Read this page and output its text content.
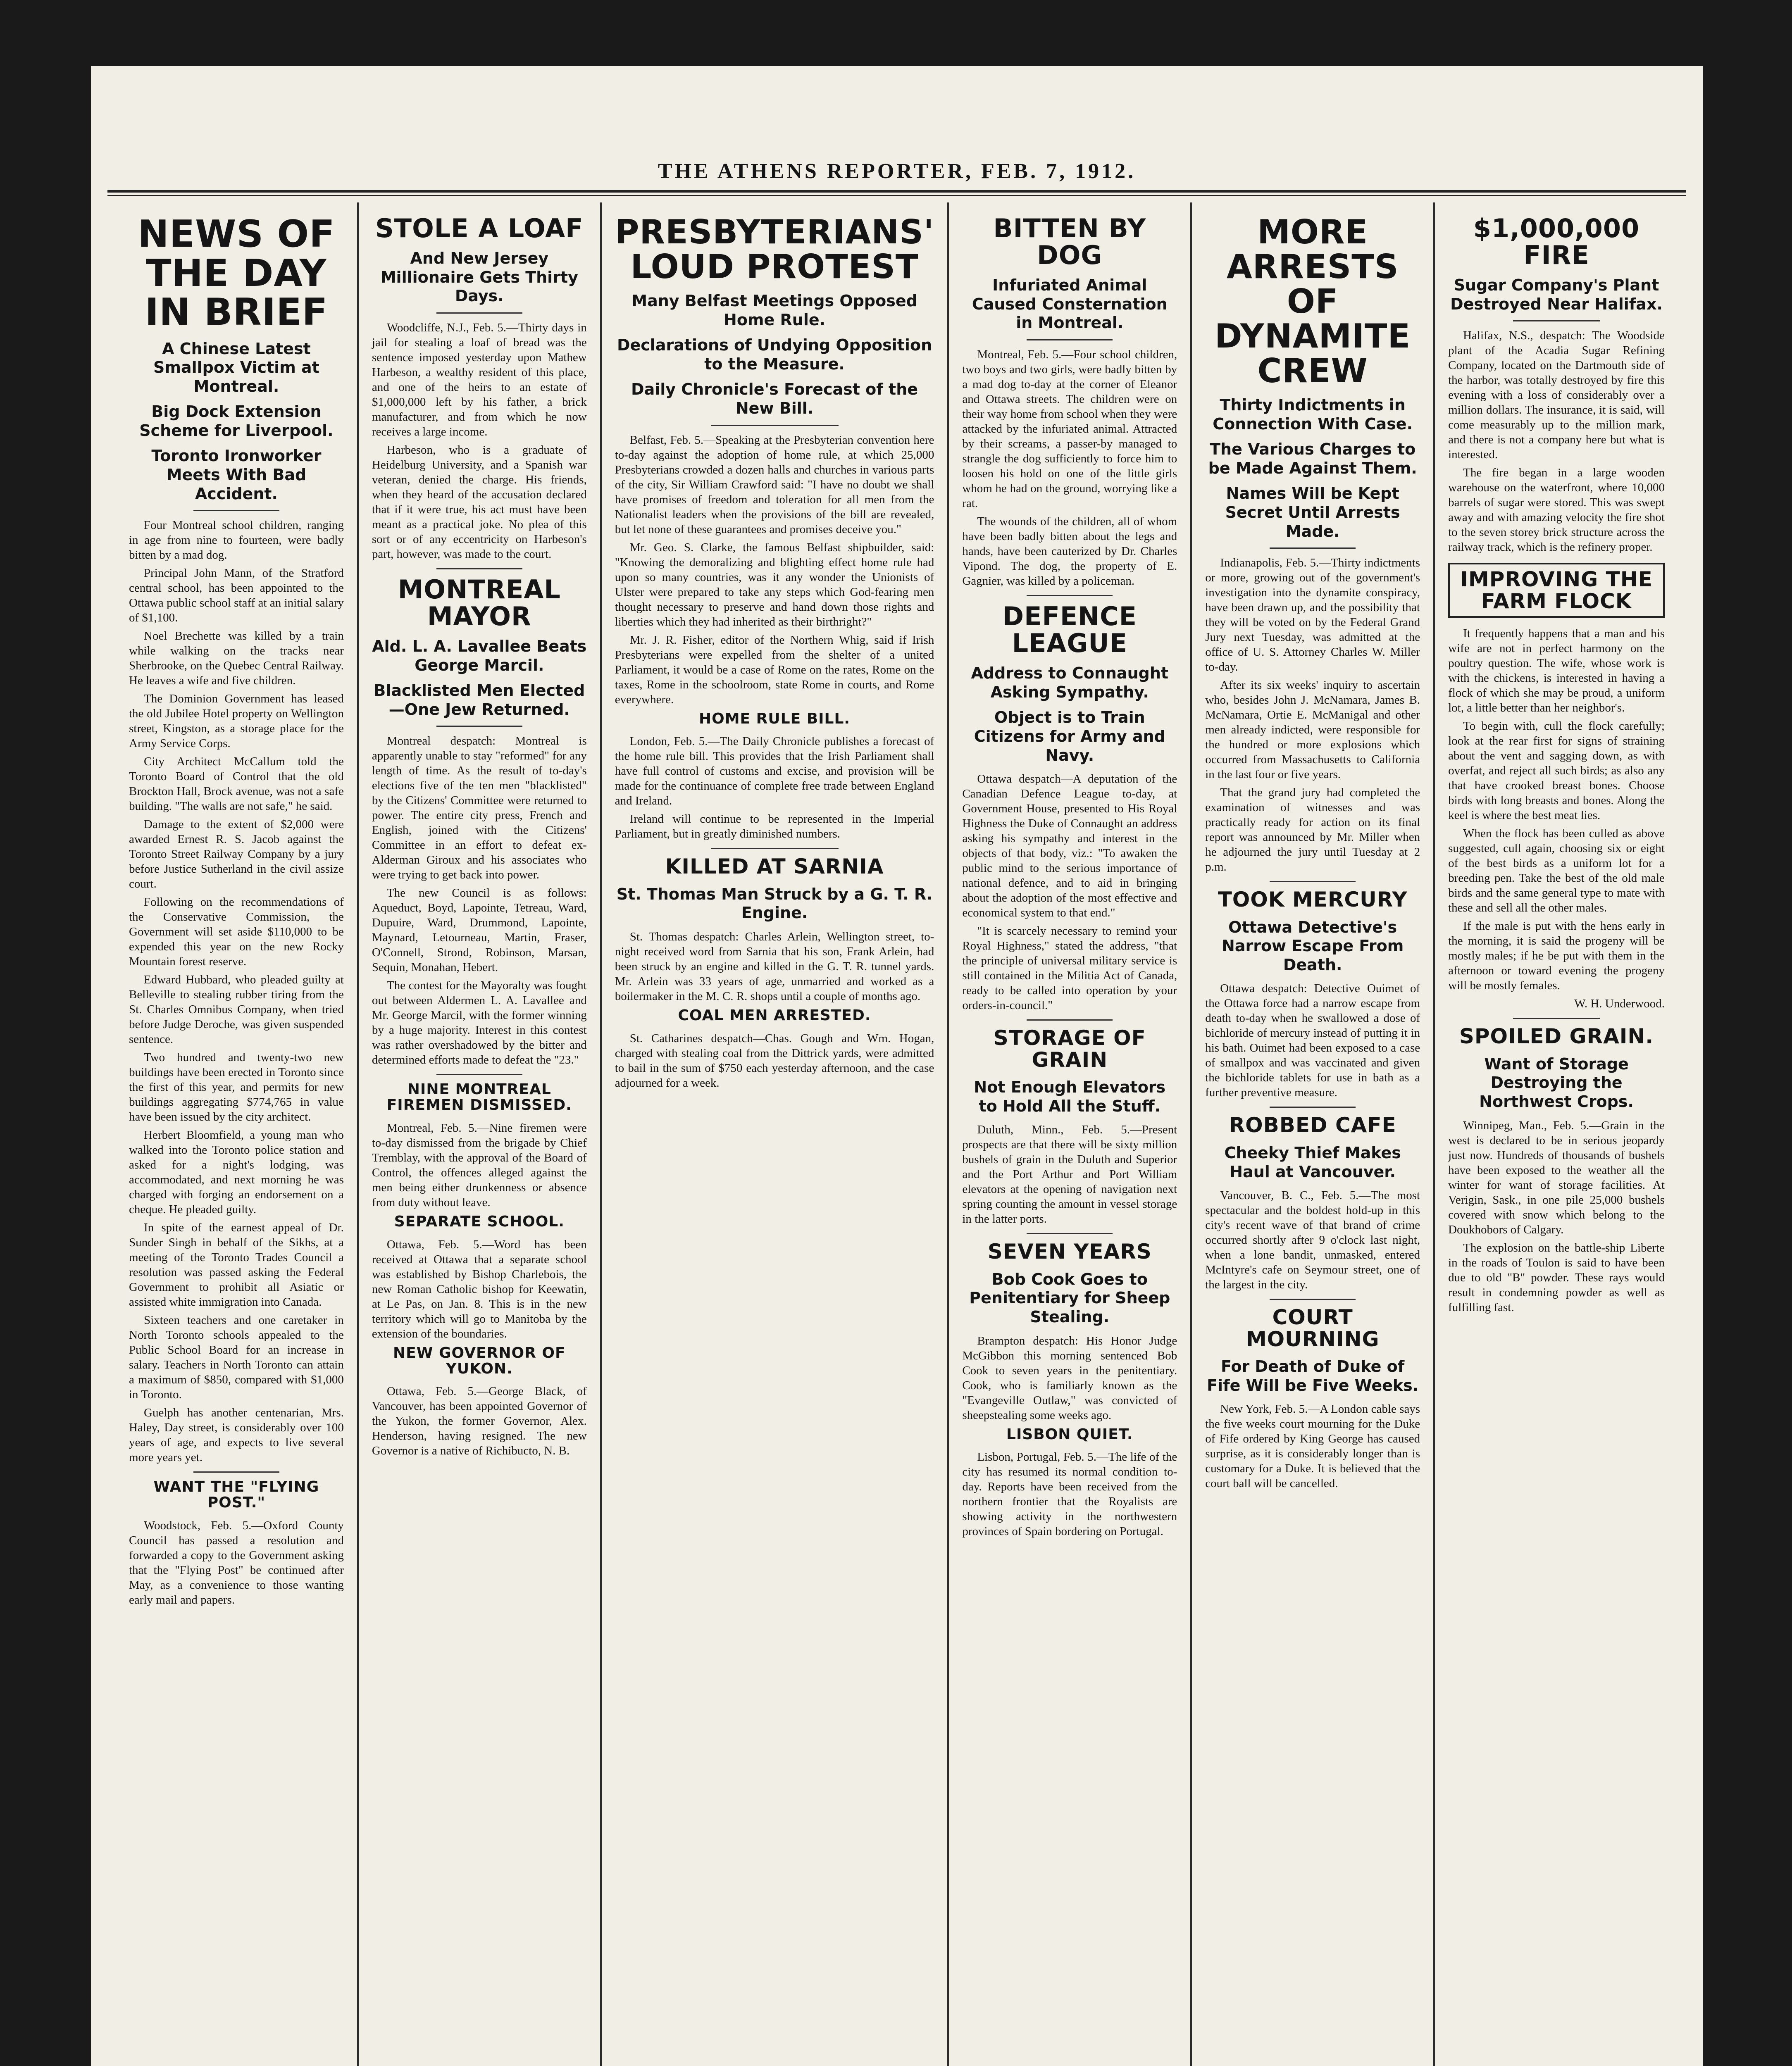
THE ATHENS REPORTER, FEB. 7, 1912.
NEWS OF THE DAY IN BRIEF
A Chinese Latest Smallpox Victim at Montreal.
Big Dock Extension Scheme for Liverpool.
Toronto Ironworker Meets With Bad Accident.

Four Montreal school children, ranging in age from nine to fourteen, were badly bitten by a mad dog.

Principal John Mann, of the Stratford central school, has been appointed to the Ottawa public school staff at an initial salary of $1,100.

Noel Brechette was killed by a train while walking on the tracks near Sherbrooke, on the Quebec Central Railway. He leaves a wife and five children.

The Dominion Government has leased the old Jubilee Hotel property on Wellington street, Kingston, as a storage place for the Army Service Corps.

City Architect McCallum told the Toronto Board of Control that the old Brockton Hall, Brock avenue, was not a safe building. "The walls are not safe," he said.

Damage to the extent of $2,000 were awarded Ernest R. S. Jacob against the Toronto Street Railway Company by a jury before Justice Sutherland in the civil assize court.

Following on the recommendations of the Conservative Commission, the Government will set aside $110,000 to be expended this year on the new Rocky Mountain forest reserve.

Edward Hubbard, who pleaded guilty at Belleville to stealing rubber tiring from the St. Charles Omnibus Company, when tried before Judge Deroche, was given suspended sentence.

Two hundred and twenty-two new buildings have been erected in Toronto since the first of this year, and permits for new buildings aggregating $774,765 in value have been issued by the city architect.

Herbert Bloomfield, a young man who walked into the Toronto police station and asked for a night's lodging, was accommodated, and next morning he was charged with forging an endorsement on a cheque. He pleaded guilty.

In spite of the earnest appeal of Dr. Sunder Singh in behalf of the Sikhs, at a meeting of the Toronto Trades Council a resolution was passed asking the Federal Government to prohibit all Asiatic or assisted white immigration into Canada.

Sixteen teachers and one caretaker in North Toronto schools appealed to the Public School Board for an increase in salary. Teachers in North Toronto can attain a maximum of $850, compared with $1,000 in Toronto.

Guelph has another centenarian, Mrs. Haley, Day street, is considerably over 100 years of age, and expects to live several more years yet.

WANT THE "FLYING POST."

Woodstock, Feb. 5.—Oxford County Council has passed a resolution and forwarded a copy to the Government asking that the "Flying Post" be continued after May, as a convenience to those wanting early mail and papers.

STOLE A LOAF
And New Jersey Millionaire Gets Thirty Days.

Woodcliffe, N.J., Feb. 5.—Thirty days in jail for stealing a loaf of bread was the sentence imposed yesterday upon Mathew Harbeson, a wealthy resident of this place, and one of the heirs to an estate of $1,000,000 left by his father, a brick manufacturer, and from which he now receives a large income.

Harbeson, who is a graduate of Heidelburg University, and a Spanish war veteran, denied the charge. His friends, when they heard of the accusation declared that if it were true, his act must have been meant as a practical joke. No plea of this sort or of any eccentricity on Harbeson's part, however, was made to the court.

MONTREAL MAYOR
Ald. L. A. Lavallee Beats George Marcil.
Blacklisted Men Elected—One Jew Returned.

Montreal despatch: Montreal is apparently unable to stay "reformed" for any length of time. As the result of to-day's elections five of the ten men "blacklisted" by the Citizens' Committee were returned to power. The entire city press, French and English, joined with the Citizens' Committee in an effort to defeat ex-Alderman Giroux and his associates who were trying to get back into power.

The new Council is as follows: Aqueduct, Boyd, Lapointe, Tetreau, Ward, Dupuire, Ward, Drummond, Lapointe, Maynard, Letourneau, Martin, Fraser, O'Connell, Strond, Robinson, Marsan, Sequin, Monahan, Hebert.

The contest for the Mayoralty was fought out between Aldermen L. A. Lavallee and Mr. George Marcil, with the former winning by a huge majority. Interest in this contest was rather overshadowed by the bitter and determined efforts made to defeat the "23."

NINE MONTREAL FIREMEN DISMISSED.

Montreal, Feb. 5.—Nine firemen were to-day dismissed from the brigade by Chief Tremblay, with the approval of the Board of Control, the offences alleged against the men being either drunkenness or absence from duty without leave.

SEPARATE SCHOOL.

Ottawa, Feb. 5.—Word has been received at Ottawa that a separate school was established by Bishop Charlebois, the new Roman Catholic bishop for Keewatin, at Le Pas, on Jan. 8. This is in the new territory which will go to Manitoba by the extension of the boundaries.

NEW GOVERNOR OF YUKON.

Ottawa, Feb. 5.—George Black, of Vancouver, has been appointed Governor of the Yukon, the former Governor, Alex. Henderson, having resigned. The new Governor is a native of Richibucto, N. B.

PRESBYTERIANS' LOUD PROTEST
Many Belfast Meetings Opposed Home Rule.
Declarations of Undying Opposition to the Measure.
Daily Chronicle's Forecast of the New Bill.

Belfast, Feb. 5.—Speaking at the Presbyterian convention here to-day against the adoption of home rule, at which 25,000 Presbyterians crowded a dozen halls and churches in various parts of the city, Sir William Crawford said: "I have no doubt we shall have promises of freedom and toleration for all men from the Nationalist leaders when the provisions of the bill are revealed, but let none of these guarantees and promises deceive you."

Mr. Geo. S. Clarke, the famous Belfast shipbuilder, said: "Knowing the demoralizing and blighting effect home rule had upon so many countries, was it any wonder the Unionists of Ulster were prepared to take any steps which God-fearing men thought necessary to preserve and hand down those rights and liberties which they had inherited as their birthright?"

Mr. J. R. Fisher, editor of the Northern Whig, said if Irish Presbyterians were expelled from the shelter of a united Parliament, it would be a case of Rome on the rates, Rome on the taxes, Rome in the schoolroom, state Rome in courts, and Rome everywhere.

HOME RULE BILL.

London, Feb. 5.—The Daily Chronicle publishes a forecast of the home rule bill. This provides that the Irish Parliament shall have full control of customs and excise, and provision will be made for the continuance of complete free trade between England and Ireland.

Ireland will continue to be represented in the Imperial Parliament, but in greatly diminished numbers.

KILLED AT SARNIA
St. Thomas Man Struck by a G. T. R. Engine.

St. Thomas despatch: Charles Arlein, Wellington street, to-night received word from Sarnia that his son, Frank Arlein, had been struck by an engine and killed in the G. T. R. tunnel yards. Mr. Arlein was 33 years of age, unmarried and worked as a boilermaker in the M. C. R. shops until a couple of months ago.

COAL MEN ARRESTED.

St. Catharines despatch—Chas. Gough and Wm. Hogan, charged with stealing coal from the Dittrick yards, were admitted to bail in the sum of $750 each yesterday afternoon, and the case adjourned for a week.

BITTEN BY DOG
Infuriated Animal Caused Consternation in Montreal.

Montreal, Feb. 5.—Four school children, two boys and two girls, were badly bitten by a mad dog to-day at the corner of Eleanor and Ottawa streets. The children were on their way home from school when they were attacked by the infuriated animal. Attracted by their screams, a passer-by managed to strangle the dog sufficiently to force him to loosen his hold on one of the little girls whom he had on the ground, worrying like a rat.

The wounds of the children, all of whom have been badly bitten about the legs and hands, have been cauterized by Dr. Charles Vipond. The dog, the property of E. Gagnier, was killed by a policeman.

DEFENCE LEAGUE
Address to Connaught Asking Sympathy.
Object is to Train Citizens for Army and Navy.

Ottawa despatch—A deputation of the Canadian Defence League to-day, at Government House, presented to His Royal Highness the Duke of Connaught an address asking his sympathy and interest in the objects of that body, viz.: "To awaken the public mind to the serious importance of national defence, and to aid in bringing about the adoption of the most effective and economical system to that end."

"It is scarcely necessary to remind your Royal Highness," stated the address, "that the principle of universal military service is still contained in the Militia Act of Canada, ready to be called into operation by your orders-in-council."

STORAGE OF GRAIN
Not Enough Elevators to Hold All the Stuff.

Duluth, Minn., Feb. 5.—Present prospects are that there will be sixty million bushels of grain in the Duluth and Superior and the Port Arthur and Port William elevators at the opening of navigation next spring counting the amount in vessel storage in the latter ports.

SEVEN YEARS
Bob Cook Goes to Penitentiary for Sheep Stealing.

Brampton despatch: His Honor Judge McGibbon this morning sentenced Bob Cook to seven years in the penitentiary. Cook, who is familiarly known as the "Evangeville Outlaw," was convicted of sheepstealing some weeks ago.

LISBON QUIET.

Lisbon, Portugal, Feb. 5.—The life of the city has resumed its normal condition to-day. Reports have been received from the northern frontier that the Royalists are showing activity in the northwestern provinces of Spain bordering on Portugal.

MORE ARRESTS OF DYNAMITE CREW
Thirty Indictments in Connection With Case.
The Various Charges to be Made Against Them.
Names Will be Kept Secret Until Arrests Made.

Indianapolis, Feb. 5.—Thirty indictments or more, growing out of the government's investigation into the dynamite conspiracy, have been drawn up, and the possibility that they will be voted on by the Federal Grand Jury next Tuesday, was admitted at the office of U. S. Attorney Charles W. Miller to-day.

After its six weeks' inquiry to ascertain who, besides John J. McNamara, James B. McNamara, Ortie E. McManigal and other men already indicted, were responsible for the hundred or more explosions which occurred from Massachusetts to California in the last four or five years.

That the grand jury had completed the examination of witnesses and was practically ready for action on its final report was announced by Mr. Miller when he adjourned the jury until Tuesday at 2 p.m.

TOOK MERCURY
Ottawa Detective's Narrow Escape From Death.

Ottawa despatch: Detective Ouimet of the Ottawa force had a narrow escape from death to-day when he swallowed a dose of bichloride of mercury instead of putting it in his bath. Ouimet had been exposed to a case of smallpox and was vaccinated and given the bichloride tablets for use in bath as a further preventive measure.

ROBBED CAFE
Cheeky Thief Makes Haul at Vancouver.

Vancouver, B. C., Feb. 5.—The most spectacular and the boldest hold-up in this city's recent wave of that brand of crime occurred shortly after 9 o'clock last night, when a lone bandit, unmasked, entered McIntyre's cafe on Seymour street, one of the largest in the city.

COURT MOURNING
For Death of Duke of Fife Will be Five Weeks.

New York, Feb. 5.—A London cable says the five weeks court mourning for the Duke of Fife ordered by King George has caused surprise, as it is considerably longer than is customary for a Duke. It is believed that the court ball will be cancelled.

$1,000,000 FIRE
Sugar Company's Plant Destroyed Near Halifax.

Halifax, N.S., despatch: The Woodside plant of the Acadia Sugar Refining Company, located on the Dartmouth side of the harbor, was totally destroyed by fire this evening with a loss of considerably over a million dollars. The insurance, it is said, will come measurably up to the million mark, and there is not a company here but what is interested.

The fire began in a large wooden warehouse on the waterfront, where 10,000 barrels of sugar were stored. This was swept away and with amazing velocity the fire shot to the seven storey brick structure across the railway track, which is the refinery proper.

IMPROVING THE FARM FLOCK

It frequently happens that a man and his wife are not in perfect harmony on the poultry question. The wife, whose work is with the chickens, is interested in having a flock of which she may be proud, a uniform lot, a little better than her neighbor's.

To begin with, cull the flock carefully; look at the rear first for signs of straining about the vent and sagging down, as with overfat, and reject all such birds; as also any that have crooked breast bones. Choose birds with long breasts and bones. Along the keel is where the best meat lies.

When the flock has been culled as above suggested, cull again, choosing six or eight of the best birds as a uniform lot for a breeding pen. Take the best of the old male birds and the same general type to mate with these and sell all the other males.

If the male is put with the hens early in the morning, it is said the progeny will be mostly males; if he be put with them in the afternoon or toward evening the progeny will be mostly females.

W. H. Underwood.
SPOILED GRAIN.
Want of Storage Destroying the Northwest Crops.

Winnipeg, Man., Feb. 5.—Grain in the west is declared to be in serious jeopardy just now. Hundreds of thousands of bushels have been exposed to the weather all the winter for want of storage facilities. At Verigin, Sask., in one pile 25,000 bushels covered with snow which belong to the Doukhobors of Calgary.

The explosion on the battle-ship Liberte in the roads of Toulon is said to have been due to old "B" powder. These rays would result in condemning powder as well as fulfilling fast.
